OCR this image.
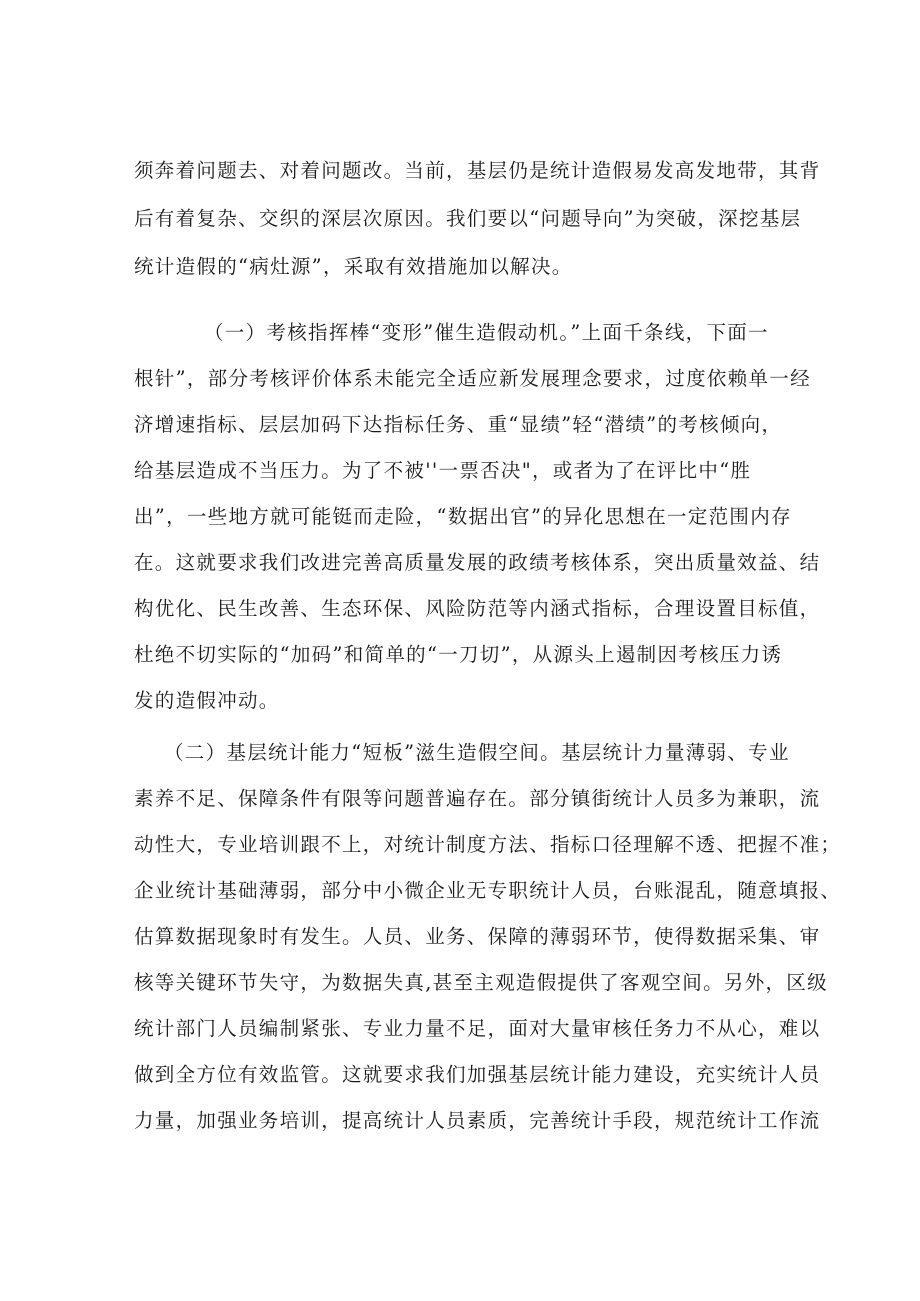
须奔着问题去、对着问题改。当前，基层仍是统计造假易发高发地带，其背
后有着复杂、交织的深层次原因。我们要以“问题导向”为突破，深挖基层
统计造假的“病灶源”，采取有效措施加以解决。
（一）考核指挥棒“变形”催生造假动机。”上面千条线，下面一
根针”，部分考核评价体系未能完全适应新发展理念要求，过度依赖单一经
济增速指标、层层加码下达指标任务、重“显绩”轻“潜绩”的考核倾向，
给基层造成不当压力。为了不被''一票否决"，或者为了在评比中“胜
出”，一些地方就可能铤而走险，“数据出官”的异化思想在一定范围内存
在。这就要求我们改进完善高质量发展的政绩考核体系，突出质量效益、结
构优化、民生改善、生态环保、风险防范等内涵式指标，合理设置目标值，
杜绝不切实际的“加码”和简单的“一刀切”，从源头上遏制因考核压力诱
发的造假冲动。
（二）基层统计能力“短板”滋生造假空间。基层统计力量薄弱、专业
素养不足、保障条件有限等问题普遍存在。部分镇街统计人员多为兼职，流
动性大，专业培训跟不上，对统计制度方法、指标口径理解不透、把握不准；
企业统计基础薄弱，部分中小微企业无专职统计人员，台账混乱，随意填报、
估算数据现象时有发生。人员、业务、保障的薄弱环节，使得数据采集、审
核等关键环节失守，为数据失真,甚至主观造假提供了客观空间。另外，区级
统计部门人员编制紧张、专业力量不足，面对大量审核任务力不从心，难以
做到全方位有效监管。这就要求我们加强基层统计能力建设，充实统计人员
力量，加强业务培训，提高统计人员素质，完善统计手段，规范统计工作流
